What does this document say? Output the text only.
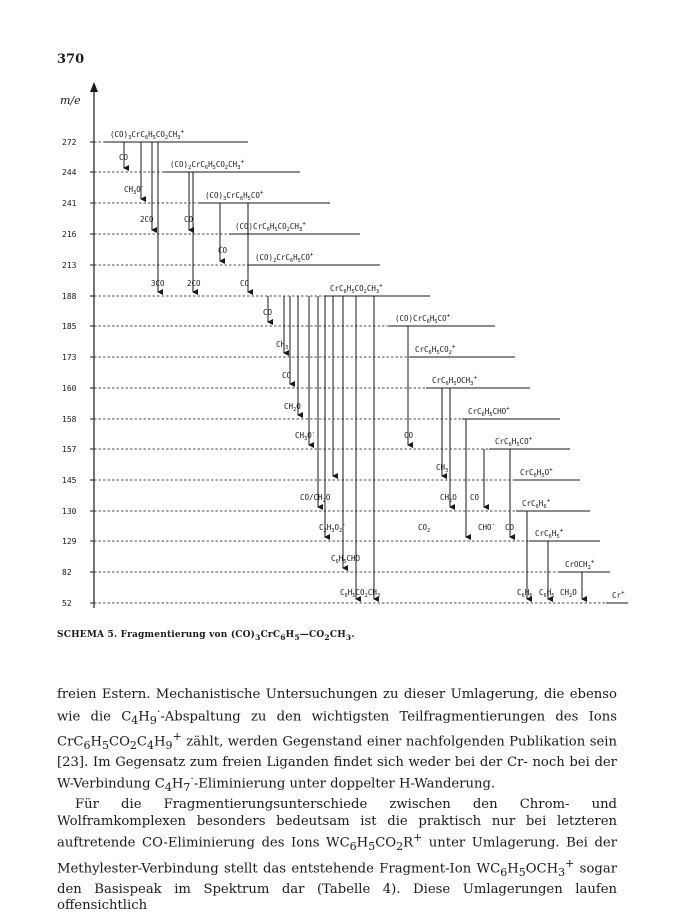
370
m/e
272
244
241
216
213
188
185
173
160
158
157
145
130
129
82
52
$(CO)_3CrC_6H_5CO_2CH_3^+$
$(CO)_2CrC_6H_5CO_2CH_3^+$
$(CO)_3CrC_6H_5CO^+$
$(CO)CrC_6H_5CO_2CH_3^+$
$(CO)_2CrC_6H_5CO^+$
$CrC_6H_5CO_2CH_3^+$
$(CO)CrC_6H_5CO^+$
$CrC_6H_5CO_2^+$
$CrC_6H_5OCH_3^+$
$CrC_6H_5CHO^+$
$CrC_6H_5CO^+$
$CrC_6H_5O^+$
$CrC_6H_6^+$
$CrC_6H_5^+$
CrOCH$_2$+
Cr+
CO
$CH_3O^\cdot$
2CO	CO
CO
3CO	2CO	CO
CO
$CH_3^\cdot$
CO
$CH_2O$
$CH_3O^\cdot$	CO
$CH_3^\cdot$
$CO/CH_2O$	$CH_2O$ CO
$C_2H_3O_2^\cdot$	$CO_2$	CHO· CO
$C_6H_5CHO$
$C_6H_5CO_2CH_3$	$C_6H_6$ $C_6H_5$ $CH_2O$
SCHEMA 5. Fragmentierung von $(CO)_3CrC_6H_5—CO_2CH_3$.

freien Estern. Mechanistische Untersuchungen zu dieser Umlagerung, die ebenso wie die $C_4H_9^\cdot$-Abspaltung zu den wichtigsten Teilfragmentierungen des Ions $CrC_6H_5CO_2C_4H_9^+$ zählt, werden Gegenstand einer nachfolgenden Publikation sein [23]. Im Gegensatz zum freien Liganden findet sich weder bei der Cr- noch bei der W-Verbindung $C_4H_7^\cdot$-Eliminierung unter doppelter H-Wanderung.

Für die Fragmentierungsunterschiede zwischen den Chrom- und Wolframkomplexen besonders bedeutsam ist die praktisch nur bei letzteren auftretende CO-Eliminierung des Ions $WC_6H_5CO_2R^+$ unter Umlagerung. Bei der Methylester-Verbindung stellt das entstehende Fragment-Ion $WC_6H_5OCH_3^+$ sogar den Basispeak im Spektrum dar (Tabelle 4). Diese Umlagerungen laufen offensichtlich
